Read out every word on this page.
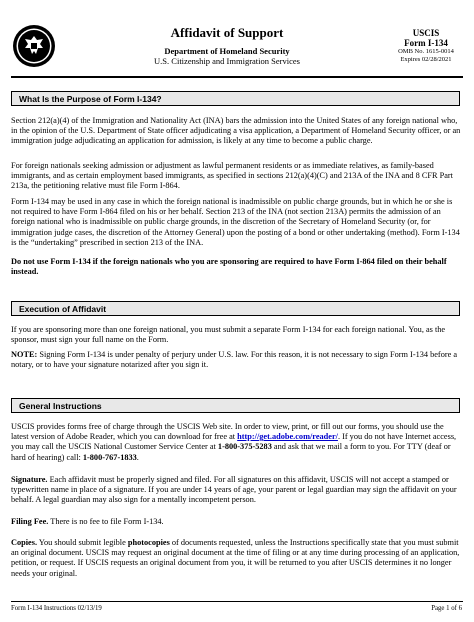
Affidavit of Support
Department of Homeland Security
U.S. Citizenship and Immigration Services
USCIS
Form I-134
OMB No. 1615-0014
Expires 02/28/2021
What Is the Purpose of Form I-134?

Section 212(a)(4) of the Immigration and Nationality Act (INA) bars the admission into the United States of any foreign national who, in the opinion of the U.S. Department of State officer adjudicating a visa application, a Department of Homeland Security officer, or an immigration judge adjudicating an application for admission, is likely at any time to become a public charge.

For foreign nationals seeking admission or adjustment as lawful permanent residents or as immediate relatives, as family-based immigrants, and as certain employment based immigrants, as specified in sections 212(a)(4)(C) and 213A of the INA and 8 CFR Part 213a, the petitioning relative must file Form I-864.

Form I-134 may be used in any case in which the foreign national is inadmissible on public charge grounds, but in which he or she is not required to have Form I-864 filed on his or her behalf. Section 213 of the INA (not section 213A) permits the admission of an foreign national who is inadmissible on public charge grounds, in the discretion of the Secretary of Homeland Security (or, for immigration judge cases, the discretion of the Attorney General) upon the posting of a bond or other undertaking (method). Form I-134 is the “undertaking” prescribed in section 213 of the INA.

Do not use Form I-134 if the foreign nationals who you are sponsoring are required to have Form I-864 filed on their behalf instead.

Execution of Affidavit

If you are sponsoring more than one foreign national, you must submit a separate Form I-134 for each foreign national. You, as the sponsor, must sign your full name on the Form.

NOTE: Signing Form I-134 is under penalty of perjury under U.S. law. For this reason, it is not necessary to sign Form I-134 before a notary, or to have your signature notarized after you sign it.

General Instructions

USCIS provides forms free of charge through the USCIS Web site. In order to view, print, or fill out our forms, you should use the latest version of Adobe Reader, which you can download for free at http://get.adobe.com/reader/. If you do not have Internet access, you may call the USCIS National Customer Service Center at 1-800-375-5283 and ask that we mail a form to you. For TTY (deaf or hard of hearing) call: 1-800-767-1833.

Signature. Each affidavit must be properly signed and filed. For all signatures on this affidavit, USCIS will not accept a stamped or typewritten name in place of a signature. If you are under 14 years of age, your parent or legal guardian may sign the affidavit on your behalf. A legal guardian may also sign for a mentally incompetent person.

Filing Fee. There is no fee to file Form I-134.

Copies. You should submit legible photocopies of documents requested, unless the Instructions specifically state that you must submit an original document. USCIS may request an original document at the time of filing or at any time during processing of an application, petition, or request. If USCIS requests an original document from you, it will be returned to you after USCIS determines it no longer needs your original.

Form I-134 Instructions 02/13/19	Page 1 of 6
